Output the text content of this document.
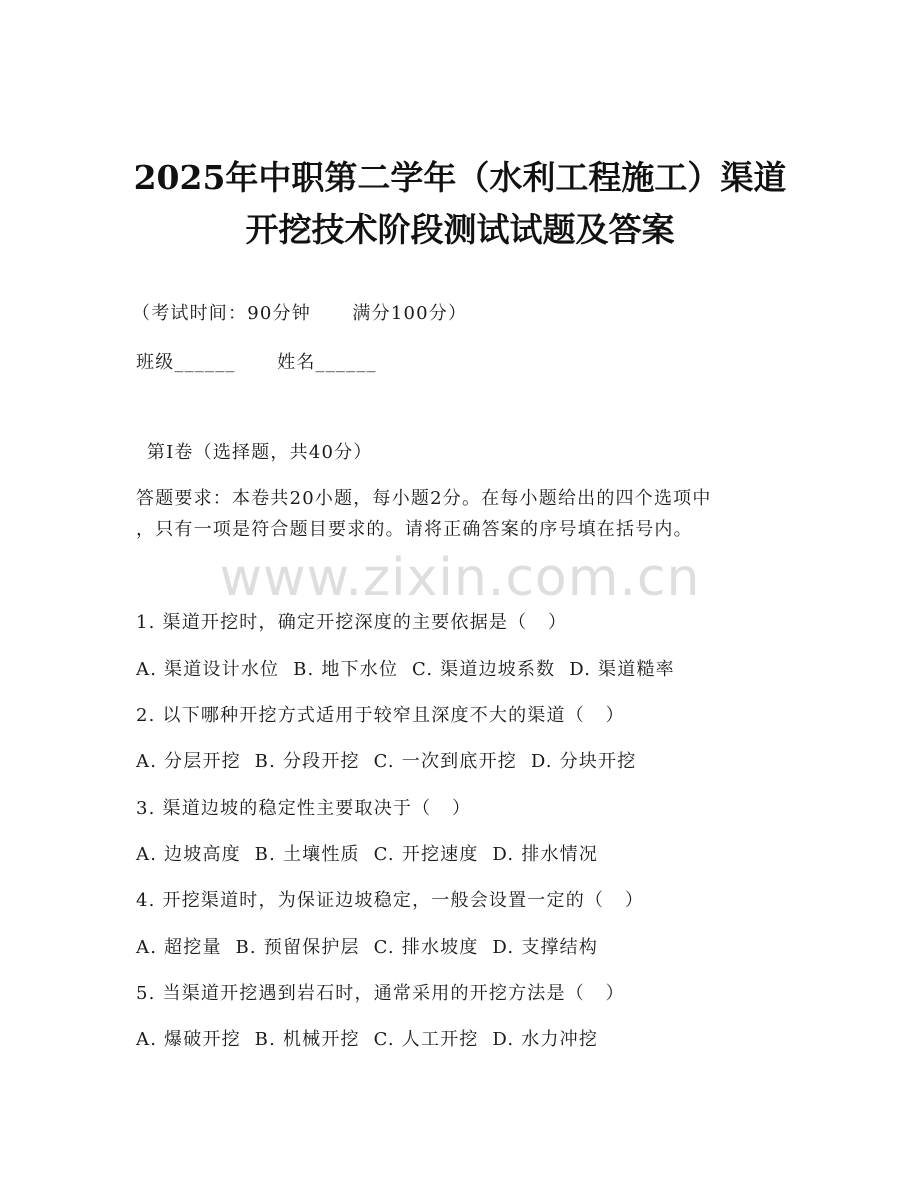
2025年中职第二学年（水利工程施工）渠道
开挖技术阶段测试试题及答案
（考试时间：90分钟      满分100分）
班级______      姓名______
第Ⅰ卷（选择题，共40分）
答题要求：本卷共20小题，每小题2分。在每小题给出的四个选项中
，只有一项是符合题目要求的。请将正确答案的序号填在括号内。
www.zixin.com.cn
1. 渠道开挖时，确定开挖深度的主要依据是（   ）
A. 渠道设计水位  B. 地下水位  C. 渠道边坡系数  D. 渠道糙率
2. 以下哪种开挖方式适用于较窄且深度不大的渠道（   ）
A. 分层开挖  B. 分段开挖  C. 一次到底开挖  D. 分块开挖
3. 渠道边坡的稳定性主要取决于（   ）
A. 边坡高度  B. 土壤性质  C. 开挖速度  D. 排水情况
4. 开挖渠道时，为保证边坡稳定，一般会设置一定的（   ）
A. 超挖量  B. 预留保护层  C. 排水坡度  D. 支撑结构
5. 当渠道开挖遇到岩石时，通常采用的开挖方法是（   ）
A. 爆破开挖  B. 机械开挖  C. 人工开挖  D. 水力冲挖
